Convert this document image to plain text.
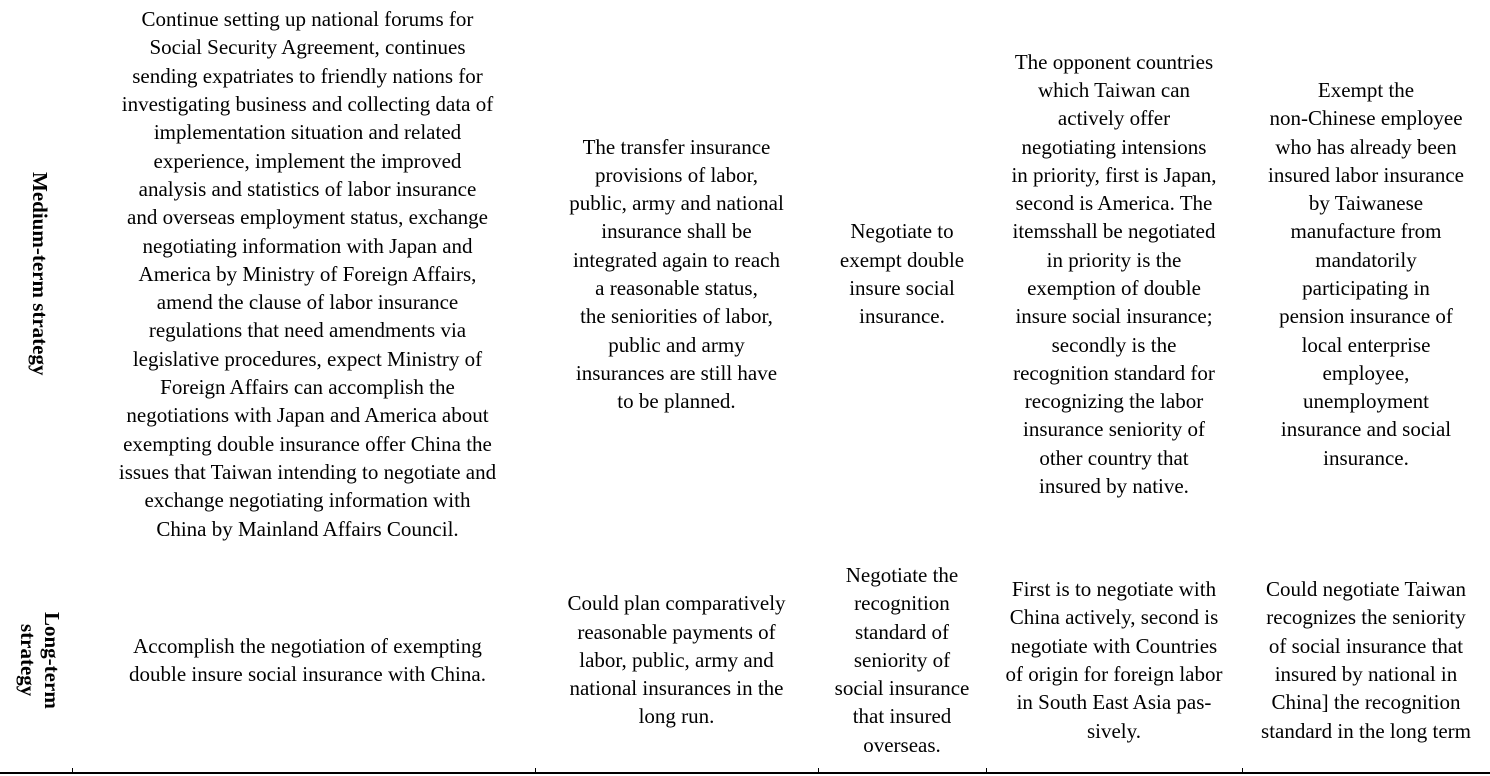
Medium-term strategy
Continue setting up national forums for
Social Security Agreement, continues
sending expatriates to friendly nations for
investigating business and collecting data of
implementation situation and related
experience, implement the improved
analysis and statistics of labor insurance
and overseas employment status, exchange
negotiating information with Japan and
America by Ministry of Foreign Affairs,
amend the clause of labor insurance
regulations that need amendments via
legislative procedures, expect Ministry of
Foreign Affairs can accomplish the
negotiations with Japan and America about
exempting double insurance offer China the
issues that Taiwan intending to negotiate and
exchange negotiating information with
China by Mainland Affairs Council.
The transfer insurance
provisions of labor,
public, army and national
insurance shall be
integrated again to reach
a reasonable status,
the seniorities of labor,
public and army
insurances are still have
to be planned.
Negotiate to
exempt double
insure social
insurance.
The opponent countries
which Taiwan can
actively offer
negotiating intensions
in priority, first is Japan,
second is America. The
itemsshall be negotiated
in priority is the
exemption of double
insure social insurance;
secondly is the
recognition standard for
recognizing the labor
insurance seniority of
other country that
insured by native.
Exempt the
non-Chinese employee
who has already been
insured labor insurance
by Taiwanese
manufacture from
mandatorily
participating in
pension insurance of
local enterprise
employee,
unemployment
insurance and social
insurance.
Long-term
strategy	Accomplish the negotiation of exempting
double insure social insurance with China.
Could plan comparatively
reasonable payments of
labor, public, army and
national insurances in the
long run.
Negotiate the
recognition
standard of
seniority of
social insurance
that insured
overseas.
First is to negotiate with
China actively, second is
negotiate with Countries
of origin for foreign labor
in South East Asia pas-
sively.
Could negotiate Taiwan
recognizes the seniority
of social insurance that
insured by national in
China] the recognition
standard in the long term
